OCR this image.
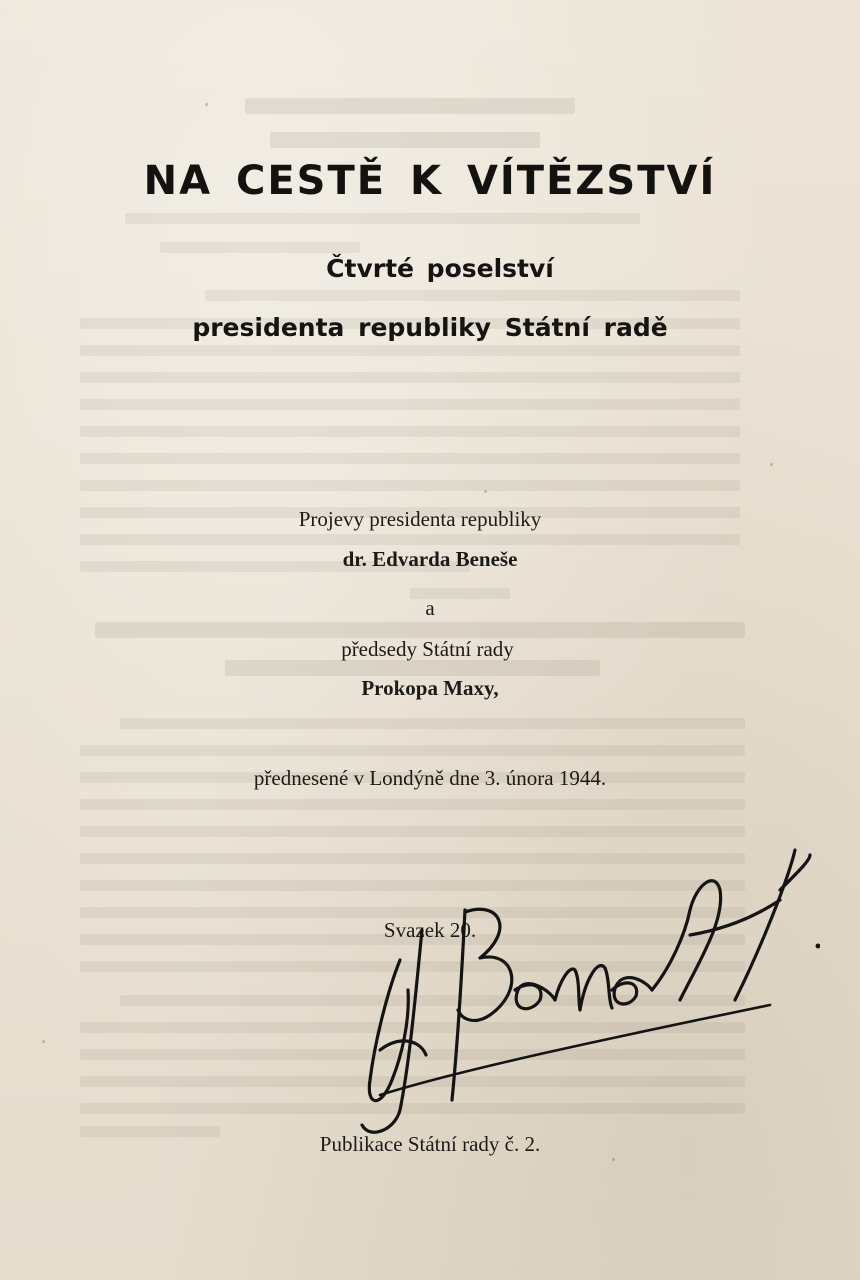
NA CESTĚ K VÍTĚZSTVÍ
Čtvrté poselství
presidenta republiky Státní radě
Projevy presidenta republiky
dr. Edvarda Beneše
a
předsedy Státní rady
Prokopa Maxy,
přednesené v Londýně dne 3. února 1944.
Svazek 20.
Publikace Státní rady č. 2.
